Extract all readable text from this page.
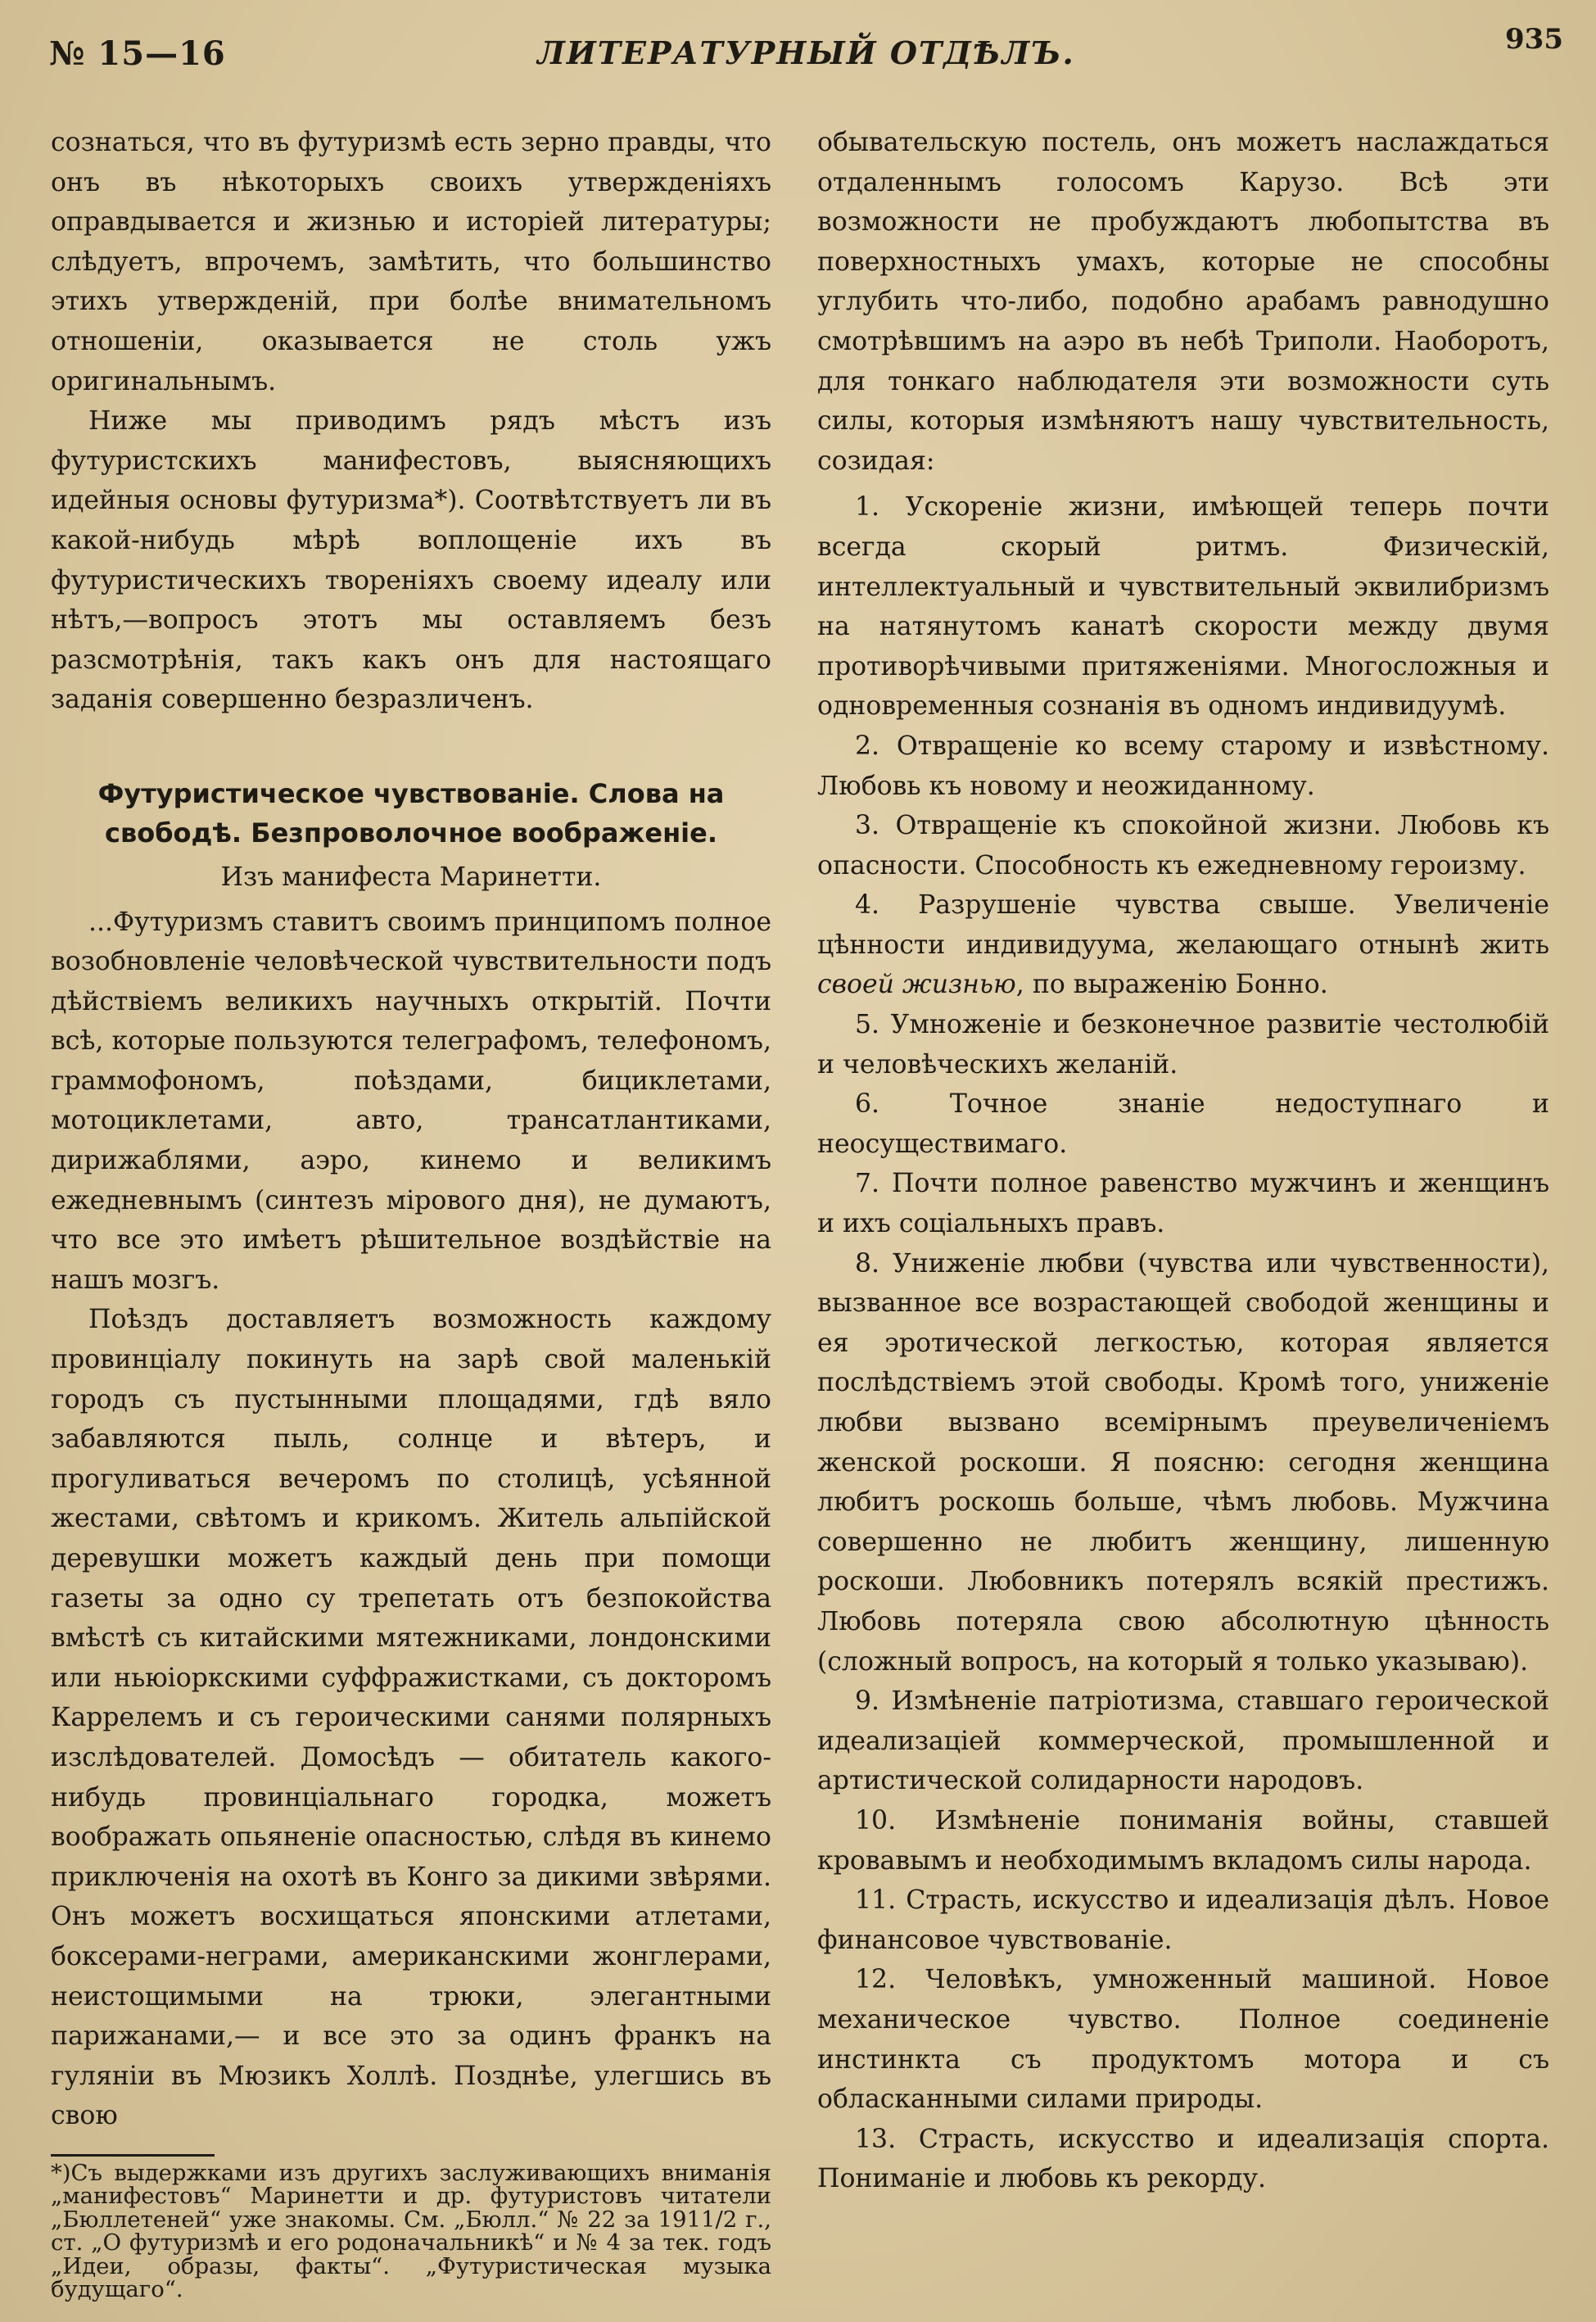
№ 15—16	ЛИТЕРАТУРНЫЙ ОТДѢЛЪ.	935

сознаться, что въ футуризмѣ есть зерно правды, что онъ въ нѣкоторыхъ своихъ утвержденіяхъ оправдывается и жизнью и исторіей литературы; слѣдуетъ, впрочемъ, замѣтить, что большинство этихъ утвержденій, при болѣе внимательномъ отношеніи, оказывается не столь ужъ оригинальнымъ.

Ниже мы приводимъ рядъ мѣстъ изъ футуристскихъ манифестовъ, выясняющихъ идейныя основы футуризма*). Соотвѣтствуетъ ли въ какой-нибудь мѣрѣ воплощеніе ихъ въ футуристическихъ твореніяхъ своему идеалу или нѣтъ,—вопросъ этотъ мы оставляемъ безъ разсмотрѣнія, такъ какъ онъ для настоящаго заданія совершенно безразличенъ.

Футуристическое чувствованіе. Слова на свободѣ. Безпроволочное воображеніе.

Изъ манифеста Маринетти.

...Футуризмъ ставитъ своимъ принципомъ полное возобновленіе человѣческой чувствительности подъ дѣйствіемъ великихъ научныхъ открытій. Почти всѣ, которые пользуются телеграфомъ, телефономъ, граммофономъ, поѣздами, бициклетами, мотоциклетами, авто, трансатлантиками, дирижаблями, аэро, кинемо и великимъ ежедневнымъ (синтезъ міpового дня), не думаютъ, что все это имѣетъ рѣшительное воздѣйствіе на нашъ мозгъ.

Поѣздъ доставляетъ возможность каждому провинціалу покинуть на зарѣ свой маленькій городъ съ пустынными площадями, гдѣ вяло забавляются пыль, солнце и вѣтеръ, и прогуливаться вечеромъ по столицѣ, усѣянной жестами, свѣтомъ и крикомъ. Житель альпійской деревушки можетъ каждый день при помощи газеты за одно су трепетать отъ безпокойства вмѣстѣ съ китайскими мятежниками, лондонскими или ньюіоркскими суффражистками, съ докторомъ Каррелемъ и съ героическими санями полярныхъ изслѣдователей. Домосѣдъ — обитатель какого-нибудь провинціальнаго городка, можетъ воображать опьяненіе опасностью, слѣдя въ кинемо приключенія на охотѣ въ Конго за дикими звѣрями. Онъ можетъ восхищаться японскими атлетами, боксерами-неграми, американскими жонглерами, неистощимыми на трюки, элегантными парижанами,— и все это за одинъ франкъ на гуляніи въ Мюзикъ Холлѣ. Позднѣе, улегшись въ свою

*)Съ выдержками изъ другихъ заслуживающихъ вниманія „манифестовъ“ Маринетти и др. футуристовъ читатели „Бюллетеней“ уже знакомы. См. „Бюлл.“ № 22 за 1911/2 г., ст. „О футуризмѣ и его родоначальникѣ“ и № 4 за тек. годъ „Идеи, образы, факты“. „Футуристическая музыка будущаго“.

обывательскую постель, онъ можетъ наслаждаться отдаленнымъ голосомъ Карузо. Всѣ эти возможности не пробуждаютъ любопытства въ поверхностныхъ умахъ, которые не способны углубить что-либо, подобно арабамъ равнодушно смотрѣвшимъ на аэро въ небѣ Триполи. Наоборотъ, для тонкаго наблюдателя эти возможности суть силы, которыя измѣняютъ нашу чувствительность, созидая:

1. Ускореніе жизни, имѣющей теперь почти всегда скорый ритмъ. Физическій, интеллектуальный и чувствительный эквилибризмъ на натянутомъ канатѣ скорости между двумя противорѣчивыми притяженіями. Многосложныя и одновременныя сознанія въ одномъ индивидуумѣ.

2. Отвращеніе ко всему старому и извѣстному. Любовь къ новому и неожиданному.

3. Отвращеніе къ спокойной жизни. Любовь къ опасности. Способность къ ежедневному героизму.

4. Разрушеніе чувства свыше. Увеличеніе цѣнности индивидуума, желающаго отнынѣ жить своей жизнью, по выраженію Бонно.

5. Умноженіе и безконечное развитіе честолюбій и человѣческихъ желаній.

6. Точное знаніе недоступнаго и неосуществимаго.

7. Почти полное равенство мужчинъ и женщинъ и ихъ соціальныхъ правъ.

8. Униженіе любви (чувства или чувственности), вызванное все возрастающей свободой женщины и ея эротической легкостью, которая является послѣдствіемъ этой свободы. Кромѣ того, униженіе любви вызвано всеміpнымъ преувеличеніемъ женской роскоши. Я поясню: сегодня женщина любитъ роскошь больше, чѣмъ любовь. Мужчина совершенно не любитъ женщину, лишенную роскоши. Любовникъ потерялъ всякій престижъ. Любовь потеряла свою абсолютную цѣнность (сложный вопросъ, на который я только указываю).

9. Измѣненіе патріотизма, ставшаго героической идеализаціей коммерческой, промышленной и артистической солидарности народовъ.

10. Измѣненіе пониманія войны, ставшей кровавымъ и необходимымъ вкладомъ силы народа.

11. Страсть, искусство и идеализація дѣлъ. Новое финансовое чувствованіе.

12. Человѣкъ, умноженный машиной. Новое механическое чувство. Полное соединеніе инстинкта съ продуктомъ мотора и съ обласканными силами природы.

13. Страсть, искусство и идеализація спорта. Пониманіе и любовь къ рекорду.
